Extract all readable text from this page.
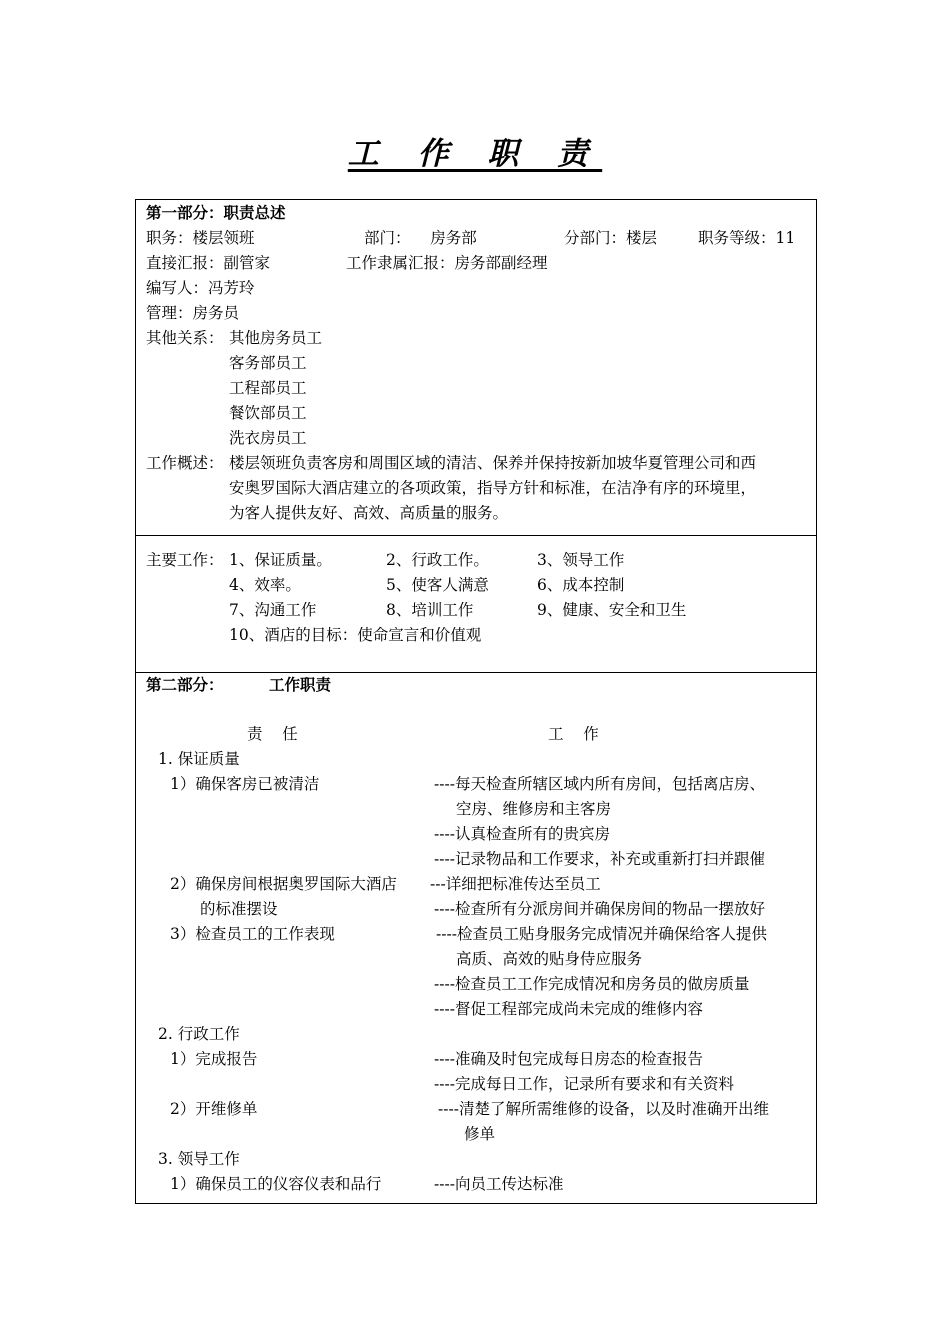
工 作 职 责
第一部分：职责总述
职务：楼层领班	部门：    房务部	分部门：楼层	职务等级：11
直接汇报：副管家	工作隶属汇报：房务部副经理
编写人：冯芳玲
管理：房务员
其他关系： 其他房务员工
客务部员工
工程部员工
餐饮部员工
洗衣房员工
工作概述： 楼层领班负责客房和周围区域的清洁、保养并保持按新加坡华夏管理公司和西
安奥罗国际大酒店建立的各项政策，指导方针和标准，在洁净有序的环境里，
为客人提供友好、高效、高质量的服务。
主要工作： 1、保证质量。	2、行政工作。	3、领导工作
4、效率。	5、使客人满意	6、成本控制
7、沟通工作	8、培训工作	9、健康、安全和卫生
10、酒店的目标：使命宣言和价值观
第二部分：	工作职责
责    任	工    作
1. 保证质量
1）确保客房已被清洁	----每天检查所辖区域内所有房间，包括离店房、
空房、维修房和主客房
----认真检查所有的贵宾房
----记录物品和工作要求，补充或重新打扫并跟催
2）确保房间根据奥罗国际大酒店 ---详细把标准传达至员工
的标准摆设	----检查所有分派房间并确保房间的物品一摆放好
3）检查员工的工作表现	----检查员工贴身服务完成情况并确保给客人提供
高质、高效的贴身侍应服务
----检查员工工作完成情况和房务员的做房质量
----督促工程部完成尚未完成的维修内容
2. 行政工作
1）完成报告	----准确及时包完成每日房态的检查报告
----完成每日工作，记录所有要求和有关资料
2）开维修单	----清楚了解所需维修的设备，以及时准确开出维
修单
3. 领导工作
1）确保员工的仪容仪表和品行	----向员工传达标准
